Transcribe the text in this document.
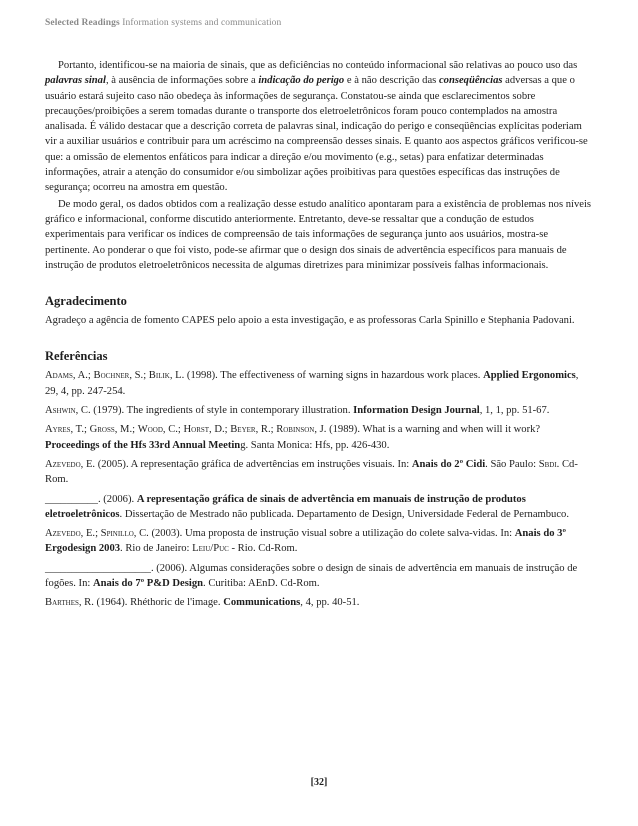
Selected Readings Information systems and communication

Portanto, identificou-se na maioria de sinais, que as deficiências no conteúdo informacional são relativas ao pouco uso das palavras sinal, à ausência de informações sobre a indicação do perigo e à não descrição das conseqüências adversas a que o usuário estará sujeito caso não obedeça às informações de segurança. Constatou-se ainda que esclarecimentos sobre precauções/proibições a serem tomadas durante o transporte dos eletroeletrônicos foram pouco contemplados na amostra analisada. É válido destacar que a descrição correta de palavras sinal, indicação do perigo e conseqüências explícitas poderiam vir a auxiliar usuários e contribuir para um acréscimo na compreensão desses sinais. E quanto aos aspectos gráficos verificou-se que: a omissão de elementos enfáticos para indicar a direção e/ou movimento (e.g., setas) para enfatizar determinadas informações, atrair a atenção do consumidor e/ou simbolizar ações proibitivas para questões específicas das instruções de segurança; ocorreu na amostra em questão.

De modo geral, os dados obtidos com a realização desse estudo analítico apontaram para a existência de problemas nos níveis gráfico e informacional, conforme discutido anteriormente. Entretanto, deve-se ressaltar que a condução de estudos experimentais para verificar os índices de compreensão de tais informações de segurança junto aos usuários, mostra-se pertinente. Ao ponderar o que foi visto, pode-se afirmar que o design dos sinais de advertência específicos para manuais de instrução de produtos eletroeletrônicos necessita de algumas diretrizes para minimizar possíveis falhas informacionais.

Agradecimento

Agradeço a agência de fomento CAPES pelo apoio a esta investigação, e as professoras Carla Spinillo e Stephania Padovani.

Referências

Adams, A.; Bochner, S.; Bilik, L. (1998). The effectiveness of warning signs in hazardous work places. Applied Ergonomics, 29, 4, pp. 247-254.

Ashwin, C. (1979). The ingredients of style in contemporary illustration. Information Design Journal, 1, 1, pp. 51-67.

Ayres, T.; Gross, M.; Wood, C.; Horst, D.; Beyer, R.; Robinson, J. (1989). What is a warning and when will it work? Proceedings of the Hfs 33rd Annual Meeting. Santa Monica: Hfs, pp. 426-430.

Azevedo, E. (2005). A representação gráfica de advertências em instruções visuais. In: Anais do 2º Cidi. São Paulo: Sbdi. Cd-Rom.

__________. (2006). A representação gráfica de sinais de advertência em manuais de instrução de produtos eletroeletrônicos. Dissertação de Mestrado não publicada. Departamento de Design, Universidade Federal de Pernambuco.

Azevedo, E.; Spinillo, C. (2003). Uma proposta de instrução visual sobre a utilização do colete salva-vidas. In: Anais do 3º Ergodesign 2003. Rio de Janeiro: Leiu/Puc - Rio. Cd-Rom.

____________________. (2006). Algumas considerações sobre o design de sinais de advertência em manuais de instrução de fogões. In: Anais do 7º P&D Design. Curitiba: AEnD. Cd-Rom.

Barthes, R. (1964). Rhéthoric de l'image. Communications, 4, pp. 40-51.

[32]
